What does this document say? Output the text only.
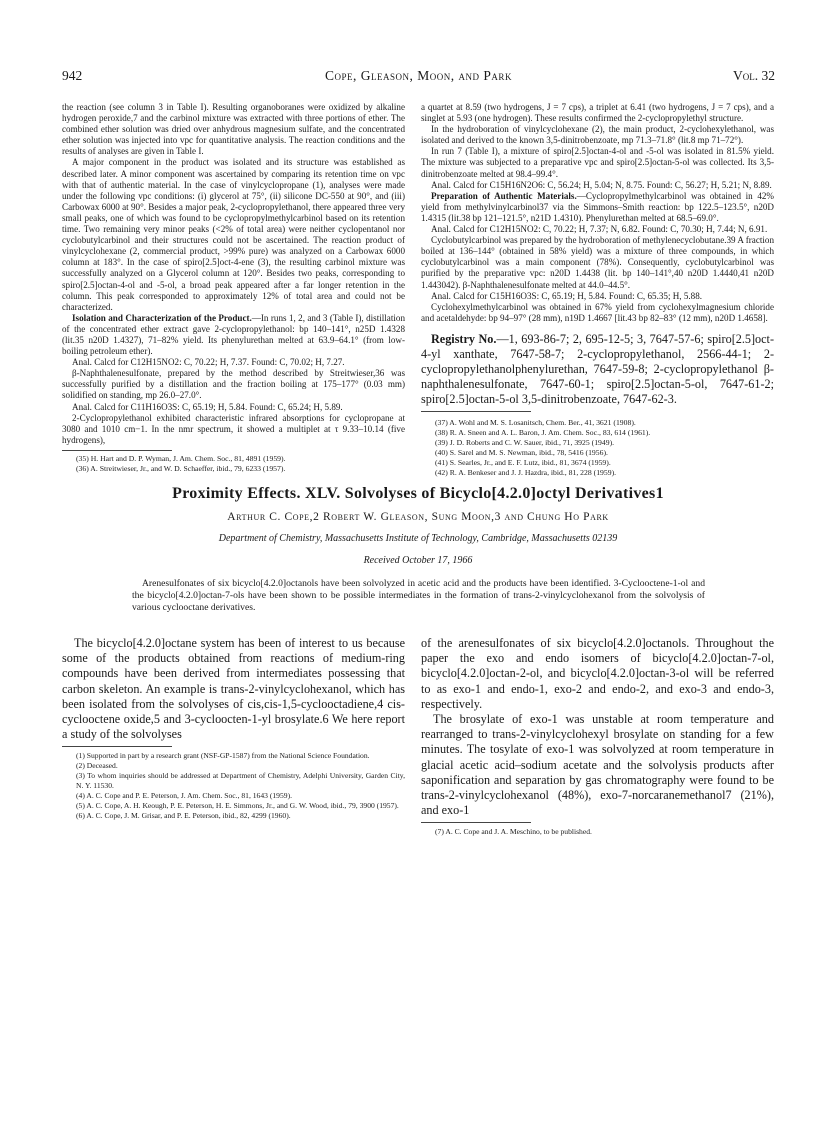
942	Cope, Gleason, Moon, and Park	Vol. 32

the reaction (see column 3 in Table I). Resulting organoboranes were oxidized by alkaline hydrogen peroxide,7 and the carbinol mixture was extracted with three portions of ether. The combined ether solution was dried over anhydrous magnesium sulfate, and the concentrated ether solution was injected into vpc for quantitative analysis. The reaction conditions and the results of analyses are given in Table I.

A major component in the product was isolated and its structure was established as described later. A minor component was ascertained by comparing its retention time on vpc with that of authentic material. In the case of vinylcyclopropane (1), analyses were made under the following vpc conditions: (i) glycerol at 75°, (ii) silicone DC-550 at 90°, and (iii) Carbowax 6000 at 90°. Besides a major peak, 2-cyclopropylethanol, there appeared three very small peaks, one of which was found to be cyclopropylmethylcarbinol based on its retention time. Two remaining very minor peaks (<2% of total area) were neither cyclopentanol nor cyclobutylcarbinol and their structures could not be ascertained. The reaction product of vinylcyclohexane (2, commercial product, >99% pure) was analyzed on a Carbowax 6000 column at 183°. In the case of spiro[2.5]oct-4-ene (3), the resulting carbinol mixture was successfully analyzed on a Glycerol column at 120°. Besides two peaks, corresponding to spiro[2.5]octan-4-ol and -5-ol, a broad peak appeared after a far longer retention in the column. This peak corresponded to approximately 12% of total area and could not be characterized.

Isolation and Characterization of the Product.—In runs 1, 2, and 3 (Table I), distillation of the concentrated ether extract gave 2-cyclopropylethanol: bp 140–141°, n25D 1.4328 (lit.35 n20D 1.4327), 71–82% yield. Its phenylurethan melted at 63.9–64.1° (from low-boiling petroleum ether).

Anal. Calcd for C12H15NO2: C, 70.22; H, 7.37. Found: C, 70.02; H, 7.27.

β-Naphthalenesulfonate, prepared by the method described by Streitwieser,36 was successfully purified by a distillation and the fraction boiling at 175–177° (0.03 mm) solidified on standing, mp 26.0–27.0°.

Anal. Calcd for C11H16O3S: C, 65.19; H, 5.84. Found: C, 65.24; H, 5.89.

2-Cyclopropylethanol exhibited characteristic infrared absorptions for cyclopropane at 3080 and 1010 cm−1. In the nmr spectrum, it showed a multiplet at τ 9.33–10.14 (five hydrogens),

(35) H. Hart and D. P. Wyman, J. Am. Chem. Soc., 81, 4891 (1959).

(36) A. Streitwieser, Jr., and W. D. Schaeffer, ibid., 79, 6233 (1957).

a quartet at 8.59 (two hydrogens, J = 7 cps), a triplet at 6.41 (two hydrogens, J = 7 cps), and a singlet at 5.93 (one hydrogen). These results confirmed the 2-cyclopropylethyl structure.

In the hydroboration of vinylcyclohexane (2), the main product, 2-cyclohexylethanol, was isolated and derived to the known 3,5-dinitrobenzoate, mp 71.3–71.8° (lit.8 mp 71–72°).

In run 7 (Table I), a mixture of spiro[2.5]octan-4-ol and -5-ol was isolated in 81.5% yield. The mixture was subjected to a preparative vpc and spiro[2.5]octan-5-ol was collected. Its 3,5-dinitrobenzoate melted at 98.4–99.4°.

Anal. Calcd for C15H16N2O6: C, 56.24; H, 5.04; N, 8.75. Found: C, 56.27; H, 5.21; N, 8.89.

Preparation of Authentic Materials.—Cyclopropylmethylcarbinol was obtained in 42% yield from methylvinylcarbinol37 via the Simmons–Smith reaction: bp 122.5–123.5°, n20D 1.4315 (lit.38 bp 121–121.5°, n21D 1.4310). Phenylurethan melted at 68.5–69.0°.

Anal. Calcd for C12H15NO2: C, 70.22; H, 7.37; N, 6.82. Found: C, 70.30; H, 7.44; N, 6.91.

Cyclobutylcarbinol was prepared by the hydroboration of methylenecyclobutane.39 A fraction boiled at 136–144° (obtained in 58% yield) was a mixture of three compounds, in which cyclobutylcarbinol was a main component (78%). Consequently, cyclobutylcarbinol was purified by the preparative vpc: n20D 1.4438 (lit. bp 140–141°,40 n20D 1.4440,41 n20D 1.443042). β-Naphthalenesulfonate melted at 44.0–44.5°.

Anal. Calcd for C15H16O3S: C, 65.19; H, 5.84. Found: C, 65.35; H, 5.88.

Cyclohexylmethylcarbinol was obtained in 67% yield from cyclohexylmagnesium chloride and acetaldehyde: bp 94–97° (28 mm), n19D 1.4667 [lit.43 bp 82–83° (12 mm), n20D 1.4658].

Registry No.—1, 693-86-7; 2, 695-12-5; 3, 7647-57-6; spiro[2.5]oct-4-yl xanthate, 7647-58-7; 2-cyclopropylethanol, 2566-44-1; 2-cyclopropylethanolphenylurethan, 7647-59-8; 2-cyclopropylethanol β-naphthalenesulfonate, 7647-60-1; spiro[2.5]octan-5-ol, 7647-61-2; spiro[2.5]octan-5-ol 3,5-dinitrobenzoate, 7647-62-3.

(37) A. Wohl and M. S. Losanitsch, Chem. Ber., 41, 3621 (1908).
(38) R. A. Sneen and A. L. Baron, J. Am. Chem. Soc., 83, 614 (1961).
(39) J. D. Roberts and C. W. Sauer, ibid., 71, 3925 (1949).
(40) S. Sarel and M. S. Newman, ibid., 78, 5416 (1956).
(41) S. Searles, Jr., and E. F. Lutz, ibid., 81, 3674 (1959).
(42) R. A. Benkeser and J. J. Hazdra, ibid., 81, 228 (1959).
Proximity Effects. XLV. Solvolyses of Bicyclo[4.2.0]octyl Derivatives1
Arthur C. Cope,2 Robert W. Gleason, Sung Moon,3 and Chung Ho Park
Department of Chemistry, Massachusetts Institute of Technology, Cambridge, Massachusetts 02139
Received October 17, 1966
Arenesulfonates of six bicyclo[4.2.0]octanols have been solvolyzed in acetic acid and the products have been identified. 3-Cyclooctene-1-ol and the bicyclo[4.2.0]octan-7-ols have been shown to be possible intermediates in the formation of trans-2-vinylcyclohexanol from the solvolysis of various cyclooctane derivatives.

The bicyclo[4.2.0]octane system has been of interest to us because some of the products obtained from reactions of medium-ring compounds have been derived from intermediates possessing that carbon skeleton. An example is trans-2-vinylcyclohexanol, which has been isolated from the solvolyses of cis,cis-1,5-cyclooctadiene,4 cis-cyclooctene oxide,5 and 3-cycloocten-1-yl brosylate.6 We here report a study of the solvolyses

(1) Supported in part by a research grant (NSF-GP-1587) from the National Science Foundation.
(2) Deceased.
(3) To whom inquiries should be addressed at Department of Chemistry, Adelphi University, Garden City, N. Y. 11530.
(4) A. C. Cope and P. E. Peterson, J. Am. Chem. Soc., 81, 1643 (1959).
(5) A. C. Cope, A. H. Keough, P. E. Peterson, H. E. Simmons, Jr., and G. W. Wood, ibid., 79, 3900 (1957).
(6) A. C. Cope, J. M. Grisar, and P. E. Peterson, ibid., 82, 4299 (1960).

of the arenesulfonates of six bicyclo[4.2.0]octanols. Throughout the paper the exo and endo isomers of bicyclo[4.2.0]octan-7-ol, bicyclo[4.2.0]octan-2-ol, and bicyclo[4.2.0]octan-3-ol will be referred to as exo-1 and endo-1, exo-2 and endo-2, and exo-3 and endo-3, respectively.

The brosylate of exo-1 was unstable at room temperature and rearranged to trans-2-vinylcyclohexyl brosylate on standing for a few minutes. The tosylate of exo-1 was solvolyzed at room temperature in glacial acetic acid–sodium acetate and the solvolysis products after saponification and separation by gas chromatography were found to be trans-2-vinylcyclohexanol (48%), exo-7-norcaranemethanol7 (21%), and exo-1

(7) A. C. Cope and J. A. Meschino, to be published.
